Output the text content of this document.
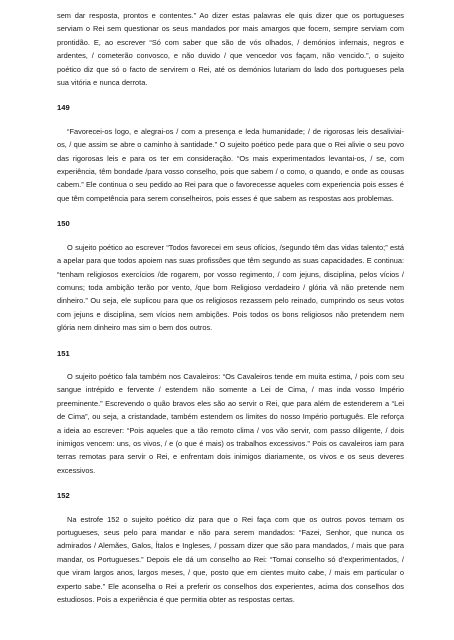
sem dar resposta, prontos e contentes.” Ao dizer estas palavras ele quis dizer que os portugueses serviam o Rei sem questionar os seus mandados por mais amargos que focem, sempre serviam com prontidão. E, ao escrever “Só com saber que são de vós olhados, / demónios infernais, negros e ardentes, / cometerão convosco, e não duvido / que vencedor vos façam, não vencido.”, o sujeito poético diz que só o facto de servirem o Rei, até os demónios lutariam do lado dos portugueses pela sua vitória e nunca derrota.

149

“Favorecei-os logo, e alegrai-os / com a presença e leda humanidade; / de rigorosas leis desaliviai-os, / que assim se abre o caminho à santidade.” O sujeito poético pede para que o Rei alivie o seu povo das rigorosas leis e para os ter em consideração. “Os mais experimentados levantai-os, / se, com experiência, têm bondade /para vosso conselho, pois que sabem / o como, o quando, e onde as cousas cabem.” Ele continua o seu pedido ao Rei para que o favorecesse aqueles com experiencia pois esses é que têm competência para serem conselheiros, pois esses é que sabem as respostas aos problemas.

150

O sujeito poético ao escrever “Todos favorecei em seus ofícios, /segundo têm das vidas talento;” está a apelar para que todos apoiem nas suas profissões que têm segundo as suas capacidades. E continua: “tenham religiosos exercícios /de rogarem, por vosso regimento, / com jejuns, disciplina, pelos vícios / comuns; toda ambição terão por vento, /que bom Religioso verdadeiro / glória vã não pretende nem dinheiro.” Ou seja, ele suplicou para que os religiosos rezassem pelo reinado, cumprindo os seus votos com jejuns e disciplina, sem vícios nem ambições. Pois todos os bons religiosos não pretendem nem glória nem dinheiro mas sim o bem dos outros.

151

O sujeito poético fala também nos Cavaleiros: “Os Cavaleiros tende em muita estima, / pois com seu sangue intrépido e fervente / estendem não somente a Lei de Cima, / mas inda vosso Império preeminente.” Escrevendo o quão bravos eles são ao servir o Rei, que para além de estenderem a “Lei de Cima”, ou seja, a cristandade, também estendem os limites do nosso Império português. Ele reforça a ideia ao escrever: “Pois aqueles que a tão remoto clima / vos vão servir, com passo diligente, / dois inimigos vencem: uns, os vivos, / e (o que é mais) os trabalhos excessivos.” Pois os cavaleiros iam para terras remotas para servir o Rei, e enfrentam dois inimigos diariamente, os vivos e os seus deveres excessivos.

152

Na estrofe 152 o sujeito poético diz para que o Rei faça com que os outros povos temam os portugueses, seus pelo para mandar e não para serem mandados: “Fazei, Senhor, que nunca os admirados / Alemães, Galos, Ítalos e Ingleses, / possam dizer que são para mandados, / mais que para mandar, os Portugueses.” Depois ele dá um conselho ao Rei: “Tomai conselho só d’experimentados, / que viram largos anos, largos meses, / que, posto que em cientes muito cabe, / mais em particular o experto sabe.” Ele aconselha o Rei a preferir os conselhos dos experientes, acima dos conselhos dos estudiosos. Pois a experiência é que permitia obter as respostas certas.
